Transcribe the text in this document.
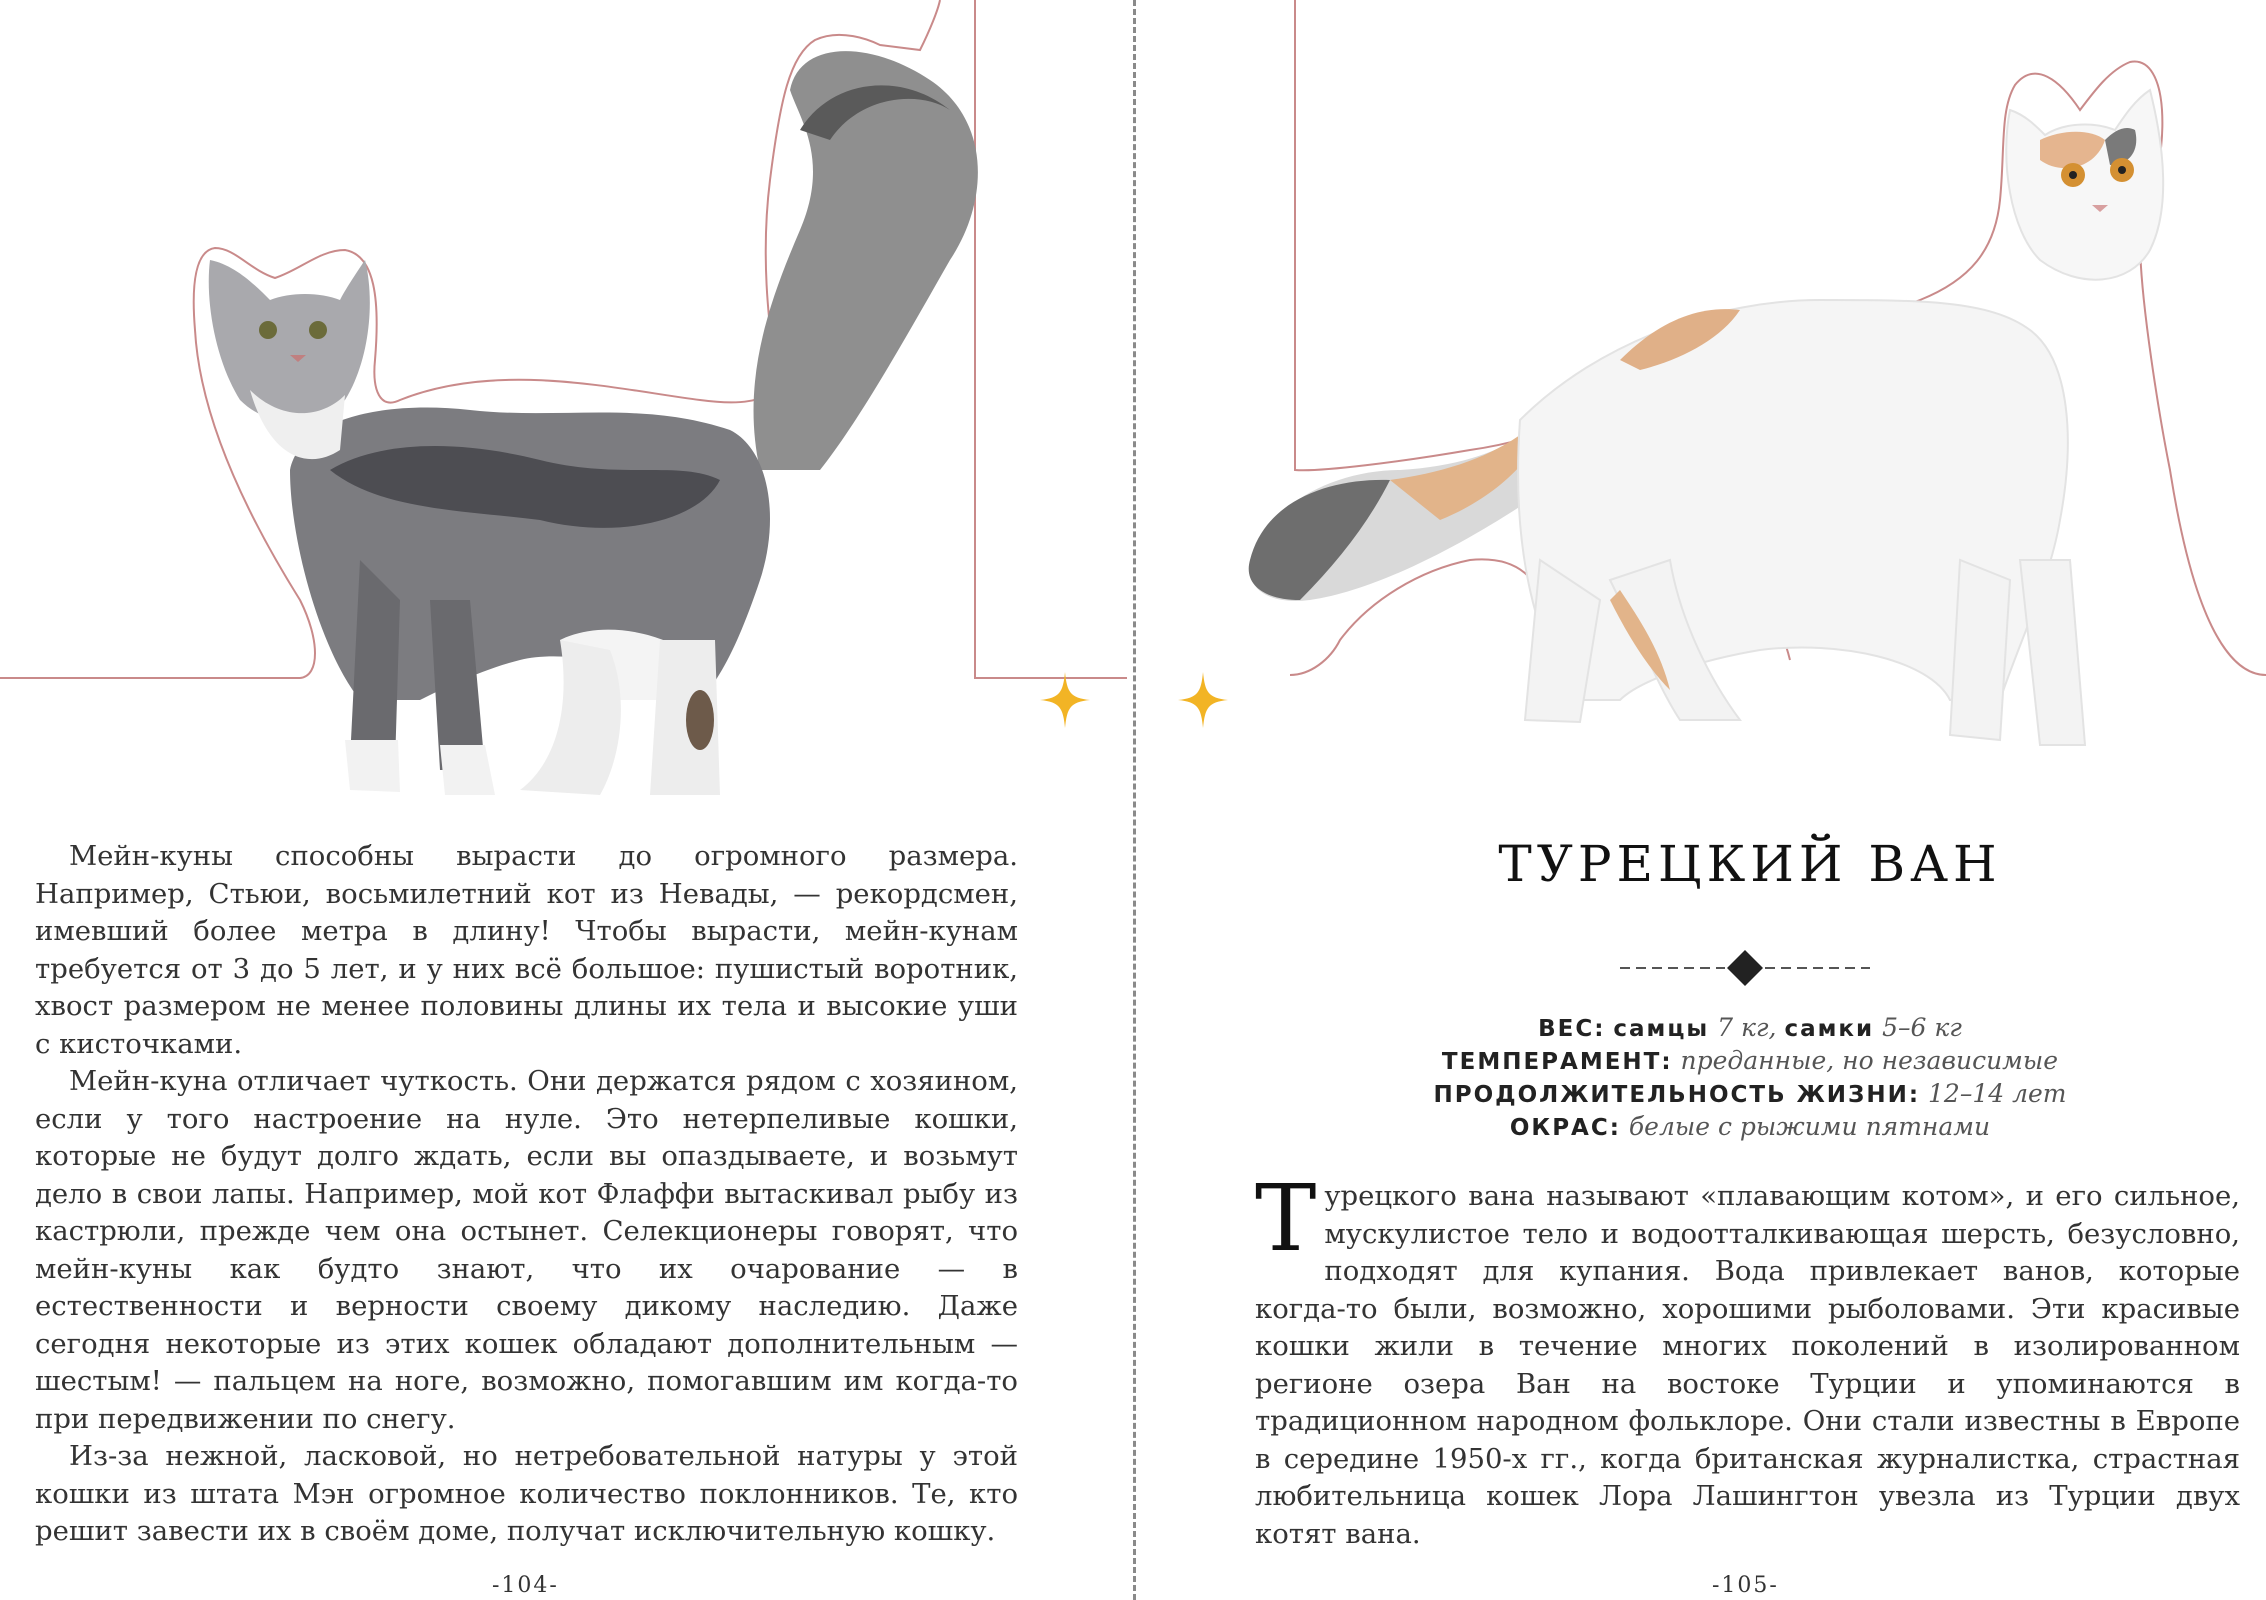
Мейн-куны способны вырасти до огромного размера. Например, Стьюи, восьмилетний кот из Невады, — рекордсмен, имевший более метра в длину! Чтобы вырасти, мейн-кунам требуется от 3 до 5 лет, и у них всё большое: пушистый воротник, хвост размером не менее половины длины их тела и высокие уши с кисточками.

Мейн-куна отличает чуткость. Они держатся рядом с хозяином, если у того настроение на нуле. Это нетерпеливые кошки, которые не будут долго ждать, если вы опаздываете, и возьмут дело в свои лапы. Например, мой кот Флаффи вытаскивал рыбу из кастрюли, прежде чем она остынет. Селекционеры говорят, что мейн-куны как будто знают, что их очарование — в естественности и верности своему дикому наследию. Даже сегодня некоторые из этих кошек обладают дополнительным — шестым! — пальцем на ноге, возможно, помогавшим им когда-то при передвижении по снегу.

Из-за нежной, ласковой, но нетребовательной натуры у этой кошки из штата Мэн огромное количество поклонников. Те, кто решит завести их в своём доме, получат исключительную кошку.

-104-
ТУРЕЦКИЙ ВАН
ВЕС: самцы 7 кг, самки 5–6 кг
ТЕМПЕРАМЕНТ: преданные, но независимые
ПРОДОЛЖИТЕЛЬНОСТЬ ЖИЗНИ: 12–14 лет
ОКРАС: белые с рыжими пятнами

Турецкого вана называют «плавающим котом», и его сильное, мускулистое тело и водоотталкивающая шерсть, безусловно, подходят для купания. Вода привлекает ванов, которые когда-то были, возможно, хорошими рыболовами. Эти красивые кошки жили в течение многих поколений в изолированном регионе озера Ван на востоке Турции и упоминаются в традиционном народном фольклоре. Они стали известны в Европе в середине 1950-х гг., когда британская журналистка, страстная любительница кошек Лора Лашингтон увезла из Турции двух котят вана.

-105-
